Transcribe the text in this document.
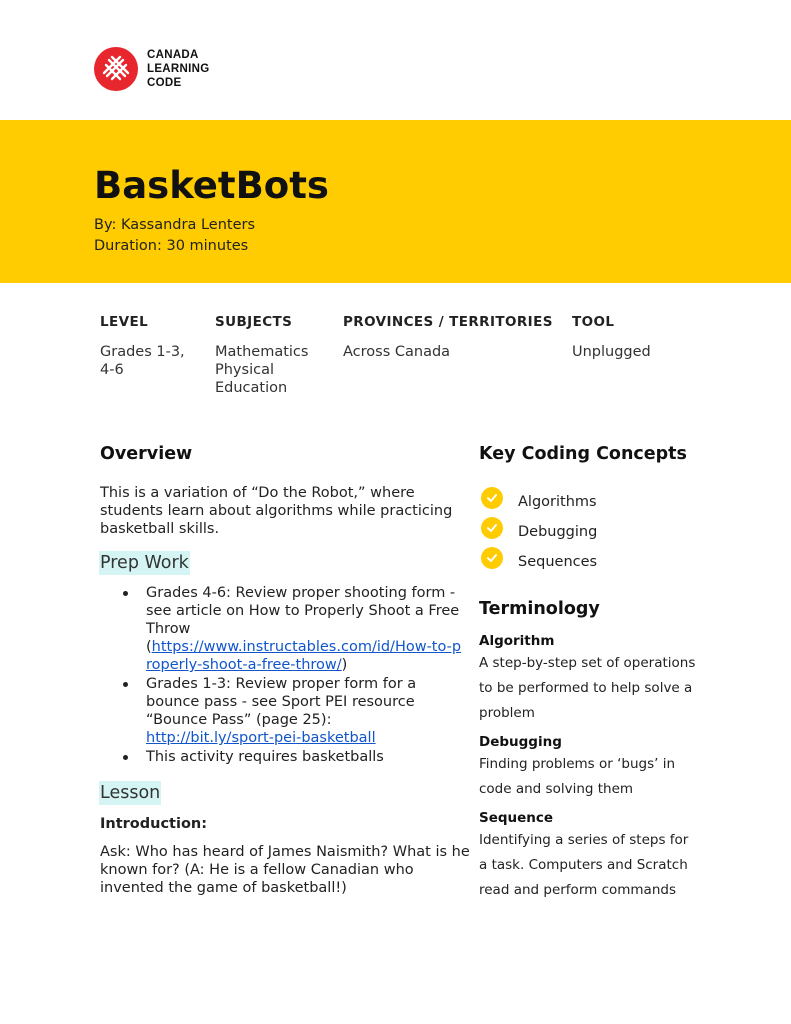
CANADA
LEARNING
CODE
BasketBots
By: Kassandra Lenters
Duration: 30 minutes
LEVEL
Grades 1-3,
4-6
SUBJECTS
Mathematics
Physical
Education
PROVINCES / TERRITORIES
Across Canada
TOOL
Unplugged
Overview
This is a variation of “Do the Robot,” where
students learn about algorithms while practicing
basketball skills.
Prep Work
Grades 4-6: Review proper shooting form -
see article on How to Properly Shoot a Free
Throw
(https://www.instructables.com/id/How-to-p
roperly-shoot-a-free-throw/)
Grades 1-3: Review proper form for a
bounce pass - see Sport PEI resource
“Bounce Pass” (page 25):
http://bit.ly/sport-pei-basketball
This activity requires basketballs
Lesson
Introduction:
Ask: Who has heard of James Naismith? What is he
known for? (A: He is a fellow Canadian who
invented the game of basketball!)
Key Coding Concepts
Algorithms
Debugging
Sequences
Terminology
Algorithm
A step-by-step set of operations
to be performed to help solve a
problem
Debugging
Finding problems or ‘bugs’ in
code and solving them
Sequence
Identifying a series of steps for
a task. Computers and Scratch
read and perform commands
